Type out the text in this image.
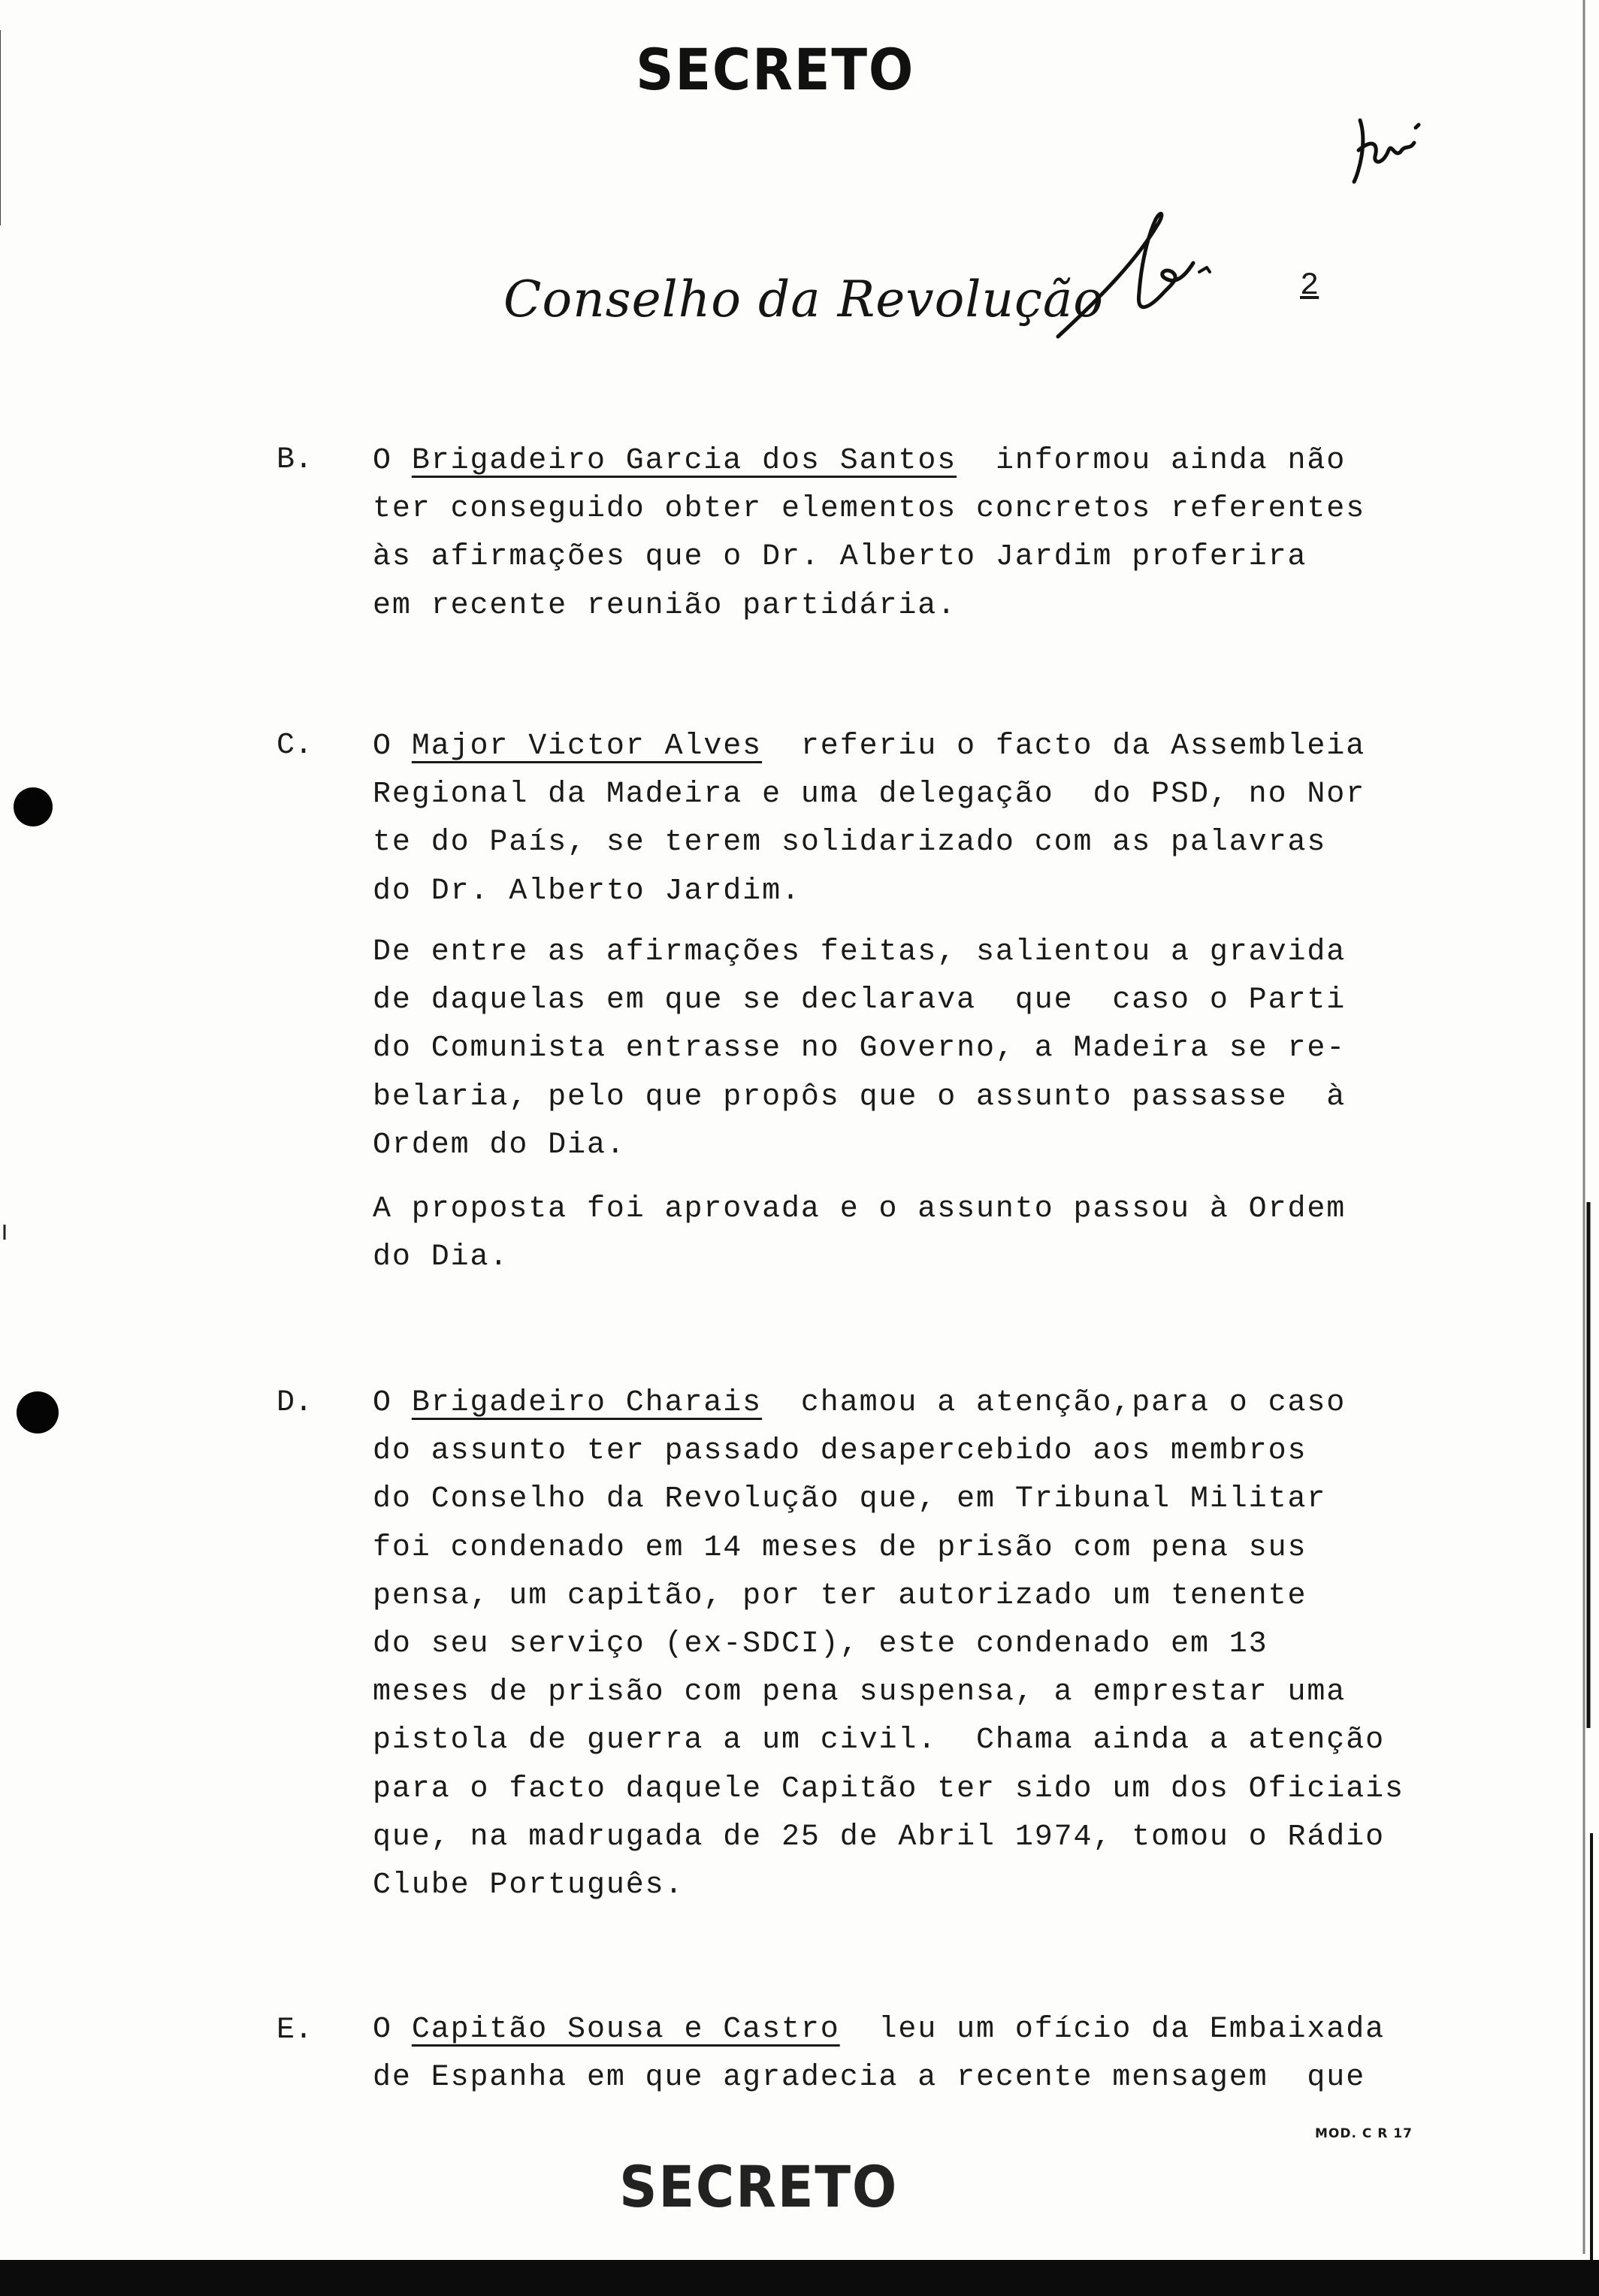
SECRETO
Conselho da Revolução	2
B. O Brigadeiro Garcia dos Santos informou ainda não
ter conseguido obter elementos concretos referentes
às afirmações que o Dr. Alberto Jardim proferira
em recente reunião partidária.
C. O Major Victor Alves referiu o facto da Assembleia
Regional da Madeira e uma delegação  do PSD, no Nor
te do País, se terem solidarizado com as palavras
do Dr. Alberto Jardim.
De entre as afirmações feitas, salientou a gravida
de daquelas em que se declarava  que  caso o Parti
do Comunista entrasse no Governo, a Madeira se re-
belaria, pelo que propôs que o assunto passasse  à
Ordem do Dia.
A proposta foi aprovada e o assunto passou à Ordem
do Dia.
D. O Brigadeiro Charais chamou a atenção,para o caso
do assunto ter passado desapercebido aos membros
do Conselho da Revolução que, em Tribunal Militar
foi condenado em 14 meses de prisão com pena sus
pensa, um capitão, por ter autorizado um tenente
do seu serviço (ex-SDCI), este condenado em 13
meses de prisão com pena suspensa, a emprestar uma
pistola de guerra a um civil.  Chama ainda a atenção
para o facto daquele Capitão ter sido um dos Oficiais
que, na madrugada de 25 de Abril 1974, tomou o Rádio
Clube Português.
E. O Capitão Sousa e Castro leu um ofício da Embaixada
de Espanha em que agradecia a recente mensagem  que
MOD. C R 17
SECRETO
